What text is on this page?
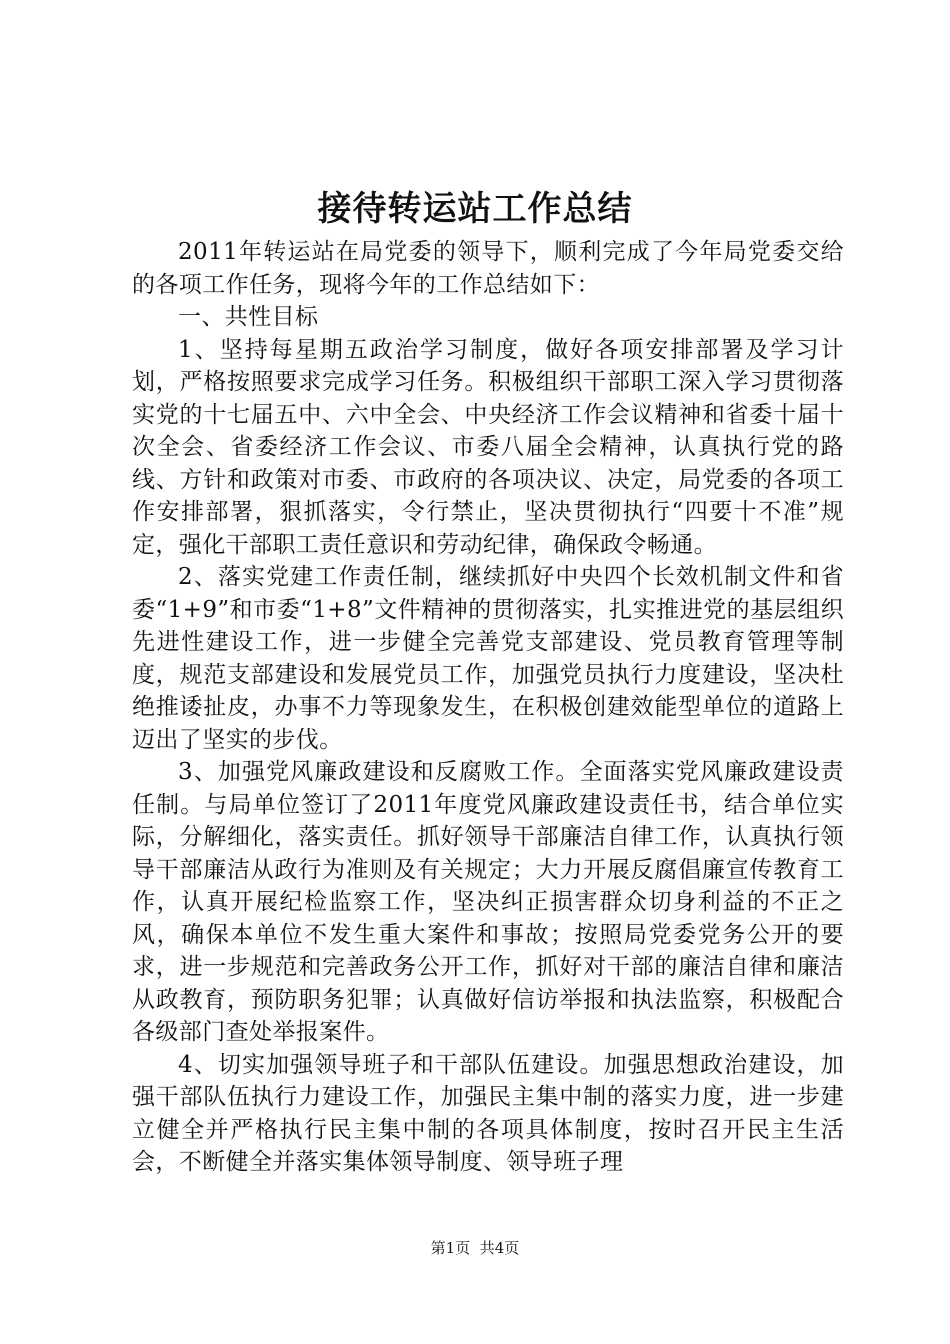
接待转运站工作总结

2011年转运站在局党委的领导下，顺利完成了今年局党委交给的各项工作任务，现将今年的工作总结如下：

一、共性目标

1、坚持每星期五政治学习制度，做好各项安排部署及学习计划，严格按照要求完成学习任务。积极组织干部职工深入学习贯彻落实党的十七届五中、六中全会、中央经济工作会议精神和省委十届十次全会、省委经济工作会议、市委八届全会精神，认真执行党的路线、方针和政策对市委、市政府的各项决议、决定，局党委的各项工作安排部署，狠抓落实，令行禁止，坚决贯彻执行“四要十不准”规定，强化干部职工责任意识和劳动纪律，确保政令畅通。

2、落实党建工作责任制，继续抓好中央四个长效机制文件和省委“1+9”和市委“1+8”文件精神的贯彻落实，扎实推进党的基层组织先进性建设工作，进一步健全完善党支部建设、党员教育管理等制度，规范支部建设和发展党员工作，加强党员执行力度建设，坚决杜绝推诿扯皮，办事不力等现象发生，在积极创建效能型单位的道路上迈出了坚实的步伐。

3、加强党风廉政建设和反腐败工作。全面落实党风廉政建设责任制。与局单位签订了2011年度党风廉政建设责任书，结合单位实际，分解细化，落实责任。抓好领导干部廉洁自律工作，认真执行领导干部廉洁从政行为准则及有关规定；大力开展反腐倡廉宣传教育工作，认真开展纪检监察工作，坚决纠正损害群众切身利益的不正之风，确保本单位不发生重大案件和事故；按照局党委党务公开的要求，进一步规范和完善政务公开工作，抓好对干部的廉洁自律和廉洁从政教育，预防职务犯罪；认真做好信访举报和执法监察，积极配合各级部门查处举报案件。

4、切实加强领导班子和干部队伍建设。加强思想政治建设，加强干部队伍执行力建设工作，加强民主集中制的落实力度，进一步建立健全并严格执行民主集中制的各项具体制度，按时召开民主生活会，不断健全并落实集体领导制度、领导班子理

第1页 共4页
